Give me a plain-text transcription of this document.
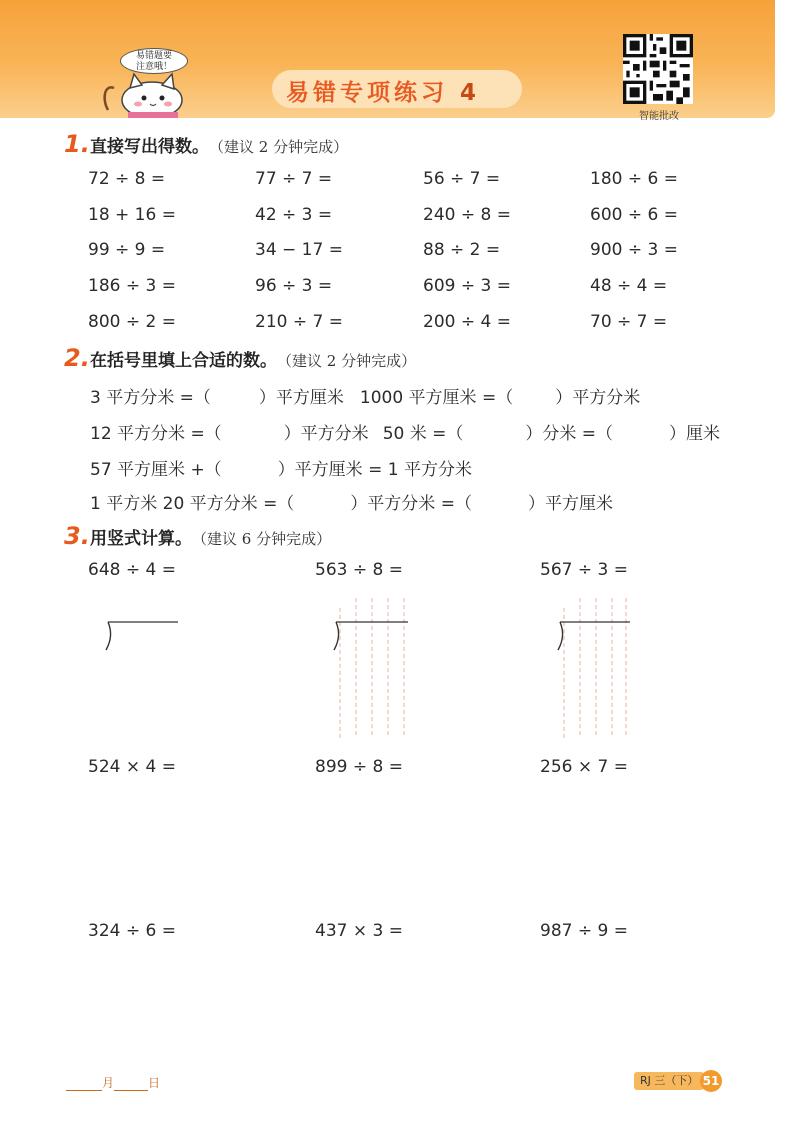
易错题要
注意哦！
易错专项练习 4
智能批改
1. 直接写出得数。 （建议 2 分钟完成）
72 ÷ 8 =	77 ÷ 7 =	56 ÷ 7 =	180 ÷ 6 =
18 + 16 =	42 ÷ 3 =	240 ÷ 8 =	600 ÷ 6 =
99 ÷ 9 =	34 − 17 =	88 ÷ 2 =	900 ÷ 3 =
186 ÷ 3 =	96 ÷ 3 =	609 ÷ 3 =	48 ÷ 4 =
800 ÷ 2 =	210 ÷ 7 =	200 ÷ 4 =	70 ÷ 7 =
2. 在括号里填上合适的数。 （建议 2 分钟完成）
3 平方分米 =（	）平方厘米 1000 平方厘米 =（ ）平方分米
12 平方分米 =（	）平方分米 50 米 =（	）分米 =（	）厘米
57 平方厘米 +（	）平方厘米 = 1 平方分米
1 平方米 20 平方分米 =（	）平方分米 =（	）平方厘米
3. 用竖式计算。 （建议 6 分钟完成）
648 ÷ 4 =	563 ÷ 8 =	567 ÷ 3 =
524 × 4 =	899 ÷ 8 =	256 × 7 =
324 ÷ 6 =	437 × 3 =	987 ÷ 9 =
月	日	RJ 三（下） 51
